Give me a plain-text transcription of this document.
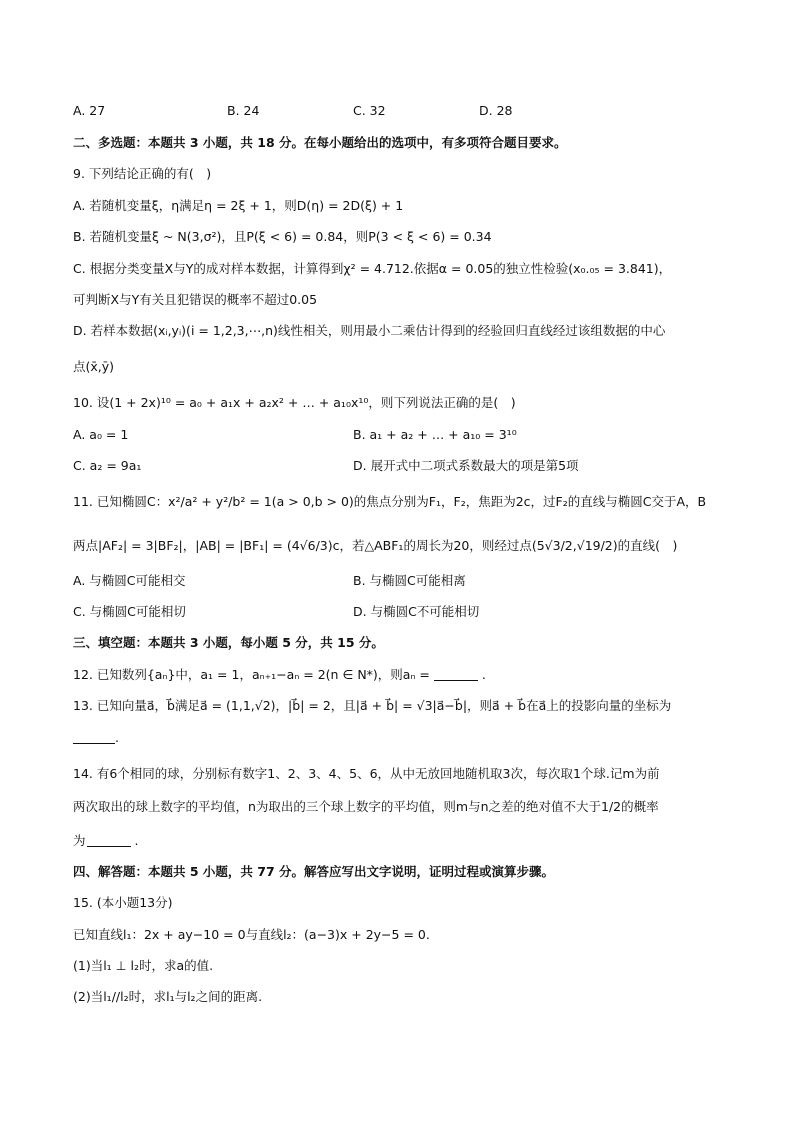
A. 27	B. 24	C. 32	D. 28
二、多选题：本题共 3 小题，共 18 分。在每小题给出的选项中，有多项符合题目要求。
9. 下列结论正确的有(　)
A. 若随机变量ξ，η满足η = 2ξ + 1，则D(η) = 2D(ξ) + 1
B. 若随机变量ξ ~ N(3,σ²)，且P(ξ < 6) = 0.84，则P(3 < ξ < 6) = 0.34
C. 根据分类变量X与Y的成对样本数据，计算得到χ² = 4.712.依据α = 0.05的独立性检验(x₀.₀₅ = 3.841)，
可判断X与Y有关且犯错误的概率不超过0.05
D. 若样本数据(xᵢ,yᵢ)(i = 1,2,3,⋯,n)线性相关，则用最小二乘估计得到的经验回归直线经过该组数据的中心
点(x̄,ȳ)
10. 设(1 + 2x)¹⁰ = a₀ + a₁x + a₂x² + … + a₁₀x¹⁰，则下列说法正确的是(　)
A. a₀ = 1	B. a₁ + a₂ + … + a₁₀ = 3¹⁰
C. a₂ = 9a₁	D. 展开式中二项式系数最大的项是第5项
11. 已知椭圆C：x²/a² + y²/b² = 1(a > 0,b > 0)的焦点分别为F₁，F₂，焦距为2c，过F₂的直线与椭圆C交于A，B
两点|AF₂| = 3|BF₂|，|AB| = |BF₁| = (4√6/3)c，若△ABF₁的周长为20，则经过点(5√3/2,√19/2)的直线(　)
A. 与椭圆C可能相交	B. 与椭圆C可能相离
C. 与椭圆C可能相切	D. 与椭圆C不可能相切
三、填空题：本题共 3 小题，每小题 5 分，共 15 分。
12. 已知数列{aₙ}中，a₁ = 1，aₙ₊₁−aₙ = 2(n ∈ N*)，则aₙ =	.
13. 已知向量a⃗，b⃗满足a⃗ = (1,1,√2)，|b⃗| = 2，且|a⃗ + b⃗| = √3|a⃗−b⃗|，则a⃗ + b⃗在a⃗上的投影向量的坐标为
.
14. 有6个相同的球，分别标有数字1、2、3、4、5、6，从中无放回地随机取3次，每次取1个球.记m为前
两次取出的球上数字的平均值，n为取出的三个球上数字的平均值，则m与n之差的绝对值不大于1/2的概率
为	.
四、解答题：本题共 5 小题，共 77 分。解答应写出文字说明，证明过程或演算步骤。
15. (本小题13分)
已知直线l₁：2x + ay−10 = 0与直线l₂：(a−3)x + 2y−5 = 0.
(1)当l₁ ⊥ l₂时，求a的值.
(2)当l₁//l₂时，求l₁与l₂之间的距离.
